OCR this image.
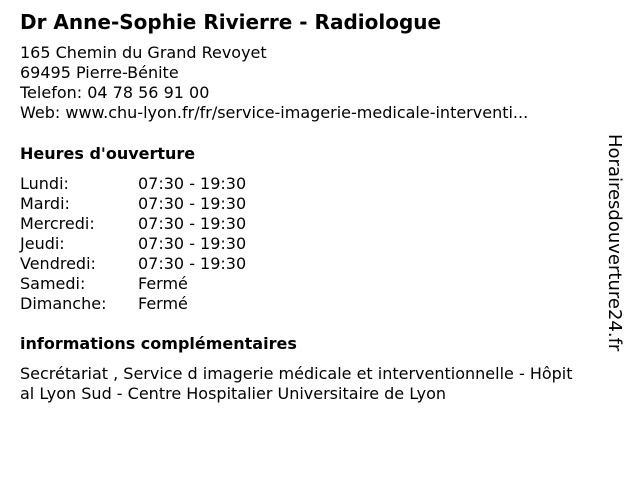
Dr Anne-Sophie Rivierre - Radiologue
165 Chemin du Grand Revoyet
69495 Pierre-Bénite
Telefon: 04 78 56 91 00
Web: www.chu-lyon.fr/fr/service-imagerie-medicale-interventi...
Heures d'ouverture
Lundi:	07:30 - 19:30
Mardi:	07:30 - 19:30
Mercredi:	07:30 - 19:30
Jeudi:	07:30 - 19:30
Vendredi:	07:30 - 19:30
Samedi:	Fermé
Dimanche: Fermé
informations complémentaires
Secrétariat , Service d imagerie médicale et interventionnelle - Hôpit
al Lyon Sud - Centre Hospitalier Universitaire de Lyon
Horairesdouverture24.fr
